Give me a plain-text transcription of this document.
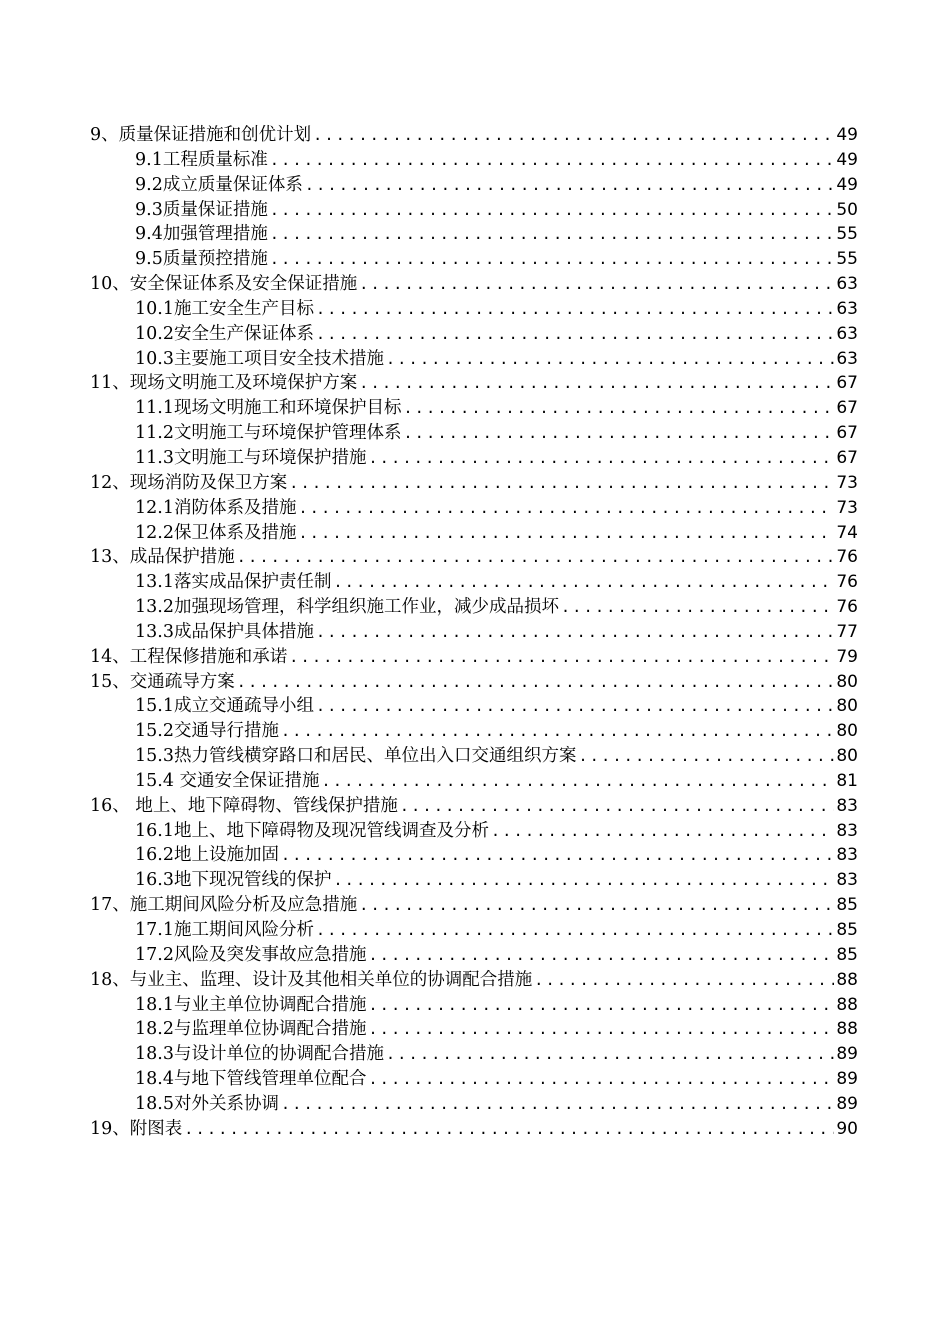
9、质量保证措施和创优计划 .....	49
9.1工程质量标准 .....	49
9.2成立质量保证体系 .....	49
9.3质量保证措施 .....	50
9.4加强管理措施 .....	55
9.5质量预控措施 .....	55
10、安全保证体系及安全保证措施 .....	63
10.1施工安全生产目标 .....	63
10.2安全生产保证体系 .....	63
10.3主要施工项目安全技术措施 .....	63
11、现场文明施工及环境保护方案 .....	67
11.1现场文明施工和环境保护目标 .....	67
11.2文明施工与环境保护管理体系 .....	67
11.3文明施工与环境保护措施 .....	67
12、现场消防及保卫方案 .....	73
12.1消防体系及措施 .....	73
12.2保卫体系及措施 .....	74
13、成品保护措施 .....	76
13.1落实成品保护责任制 .....	76
13.2加强现场管理，科学组织施工作业，减少成品损坏 .....	76
13.3成品保护具体措施 .....	77
14、工程保修措施和承诺 .....	79
15、交通疏导方案 .....	80
15.1成立交通疏导小组 .....	80
15.2交通导行措施 .....	80
15.3热力管线横穿路口和居民、单位出入口交通组织方案 .....	80
15.4 交通安全保证措施 .....	81
16、 地上、地下障碍物、管线保护措施 .....	83
16.1地上、地下障碍物及现况管线调查及分析 .....	83
16.2地上设施加固 .....	83
16.3地下现况管线的保护 .....	83
17、施工期间风险分析及应急措施 .....	85
17.1施工期间风险分析 .....	85
17.2风险及突发事故应急措施 .....	85
18、与业主、监理、设计及其他相关单位的协调配合措施 .....	88
18.1与业主单位协调配合措施 .....	88
18.2与监理单位协调配合措施 .....	88
18.3与设计单位的协调配合措施 .....	89
18.4与地下管线管理单位配合 .....	89
18.5对外关系协调 .....	89
19、附图表 .....	90
